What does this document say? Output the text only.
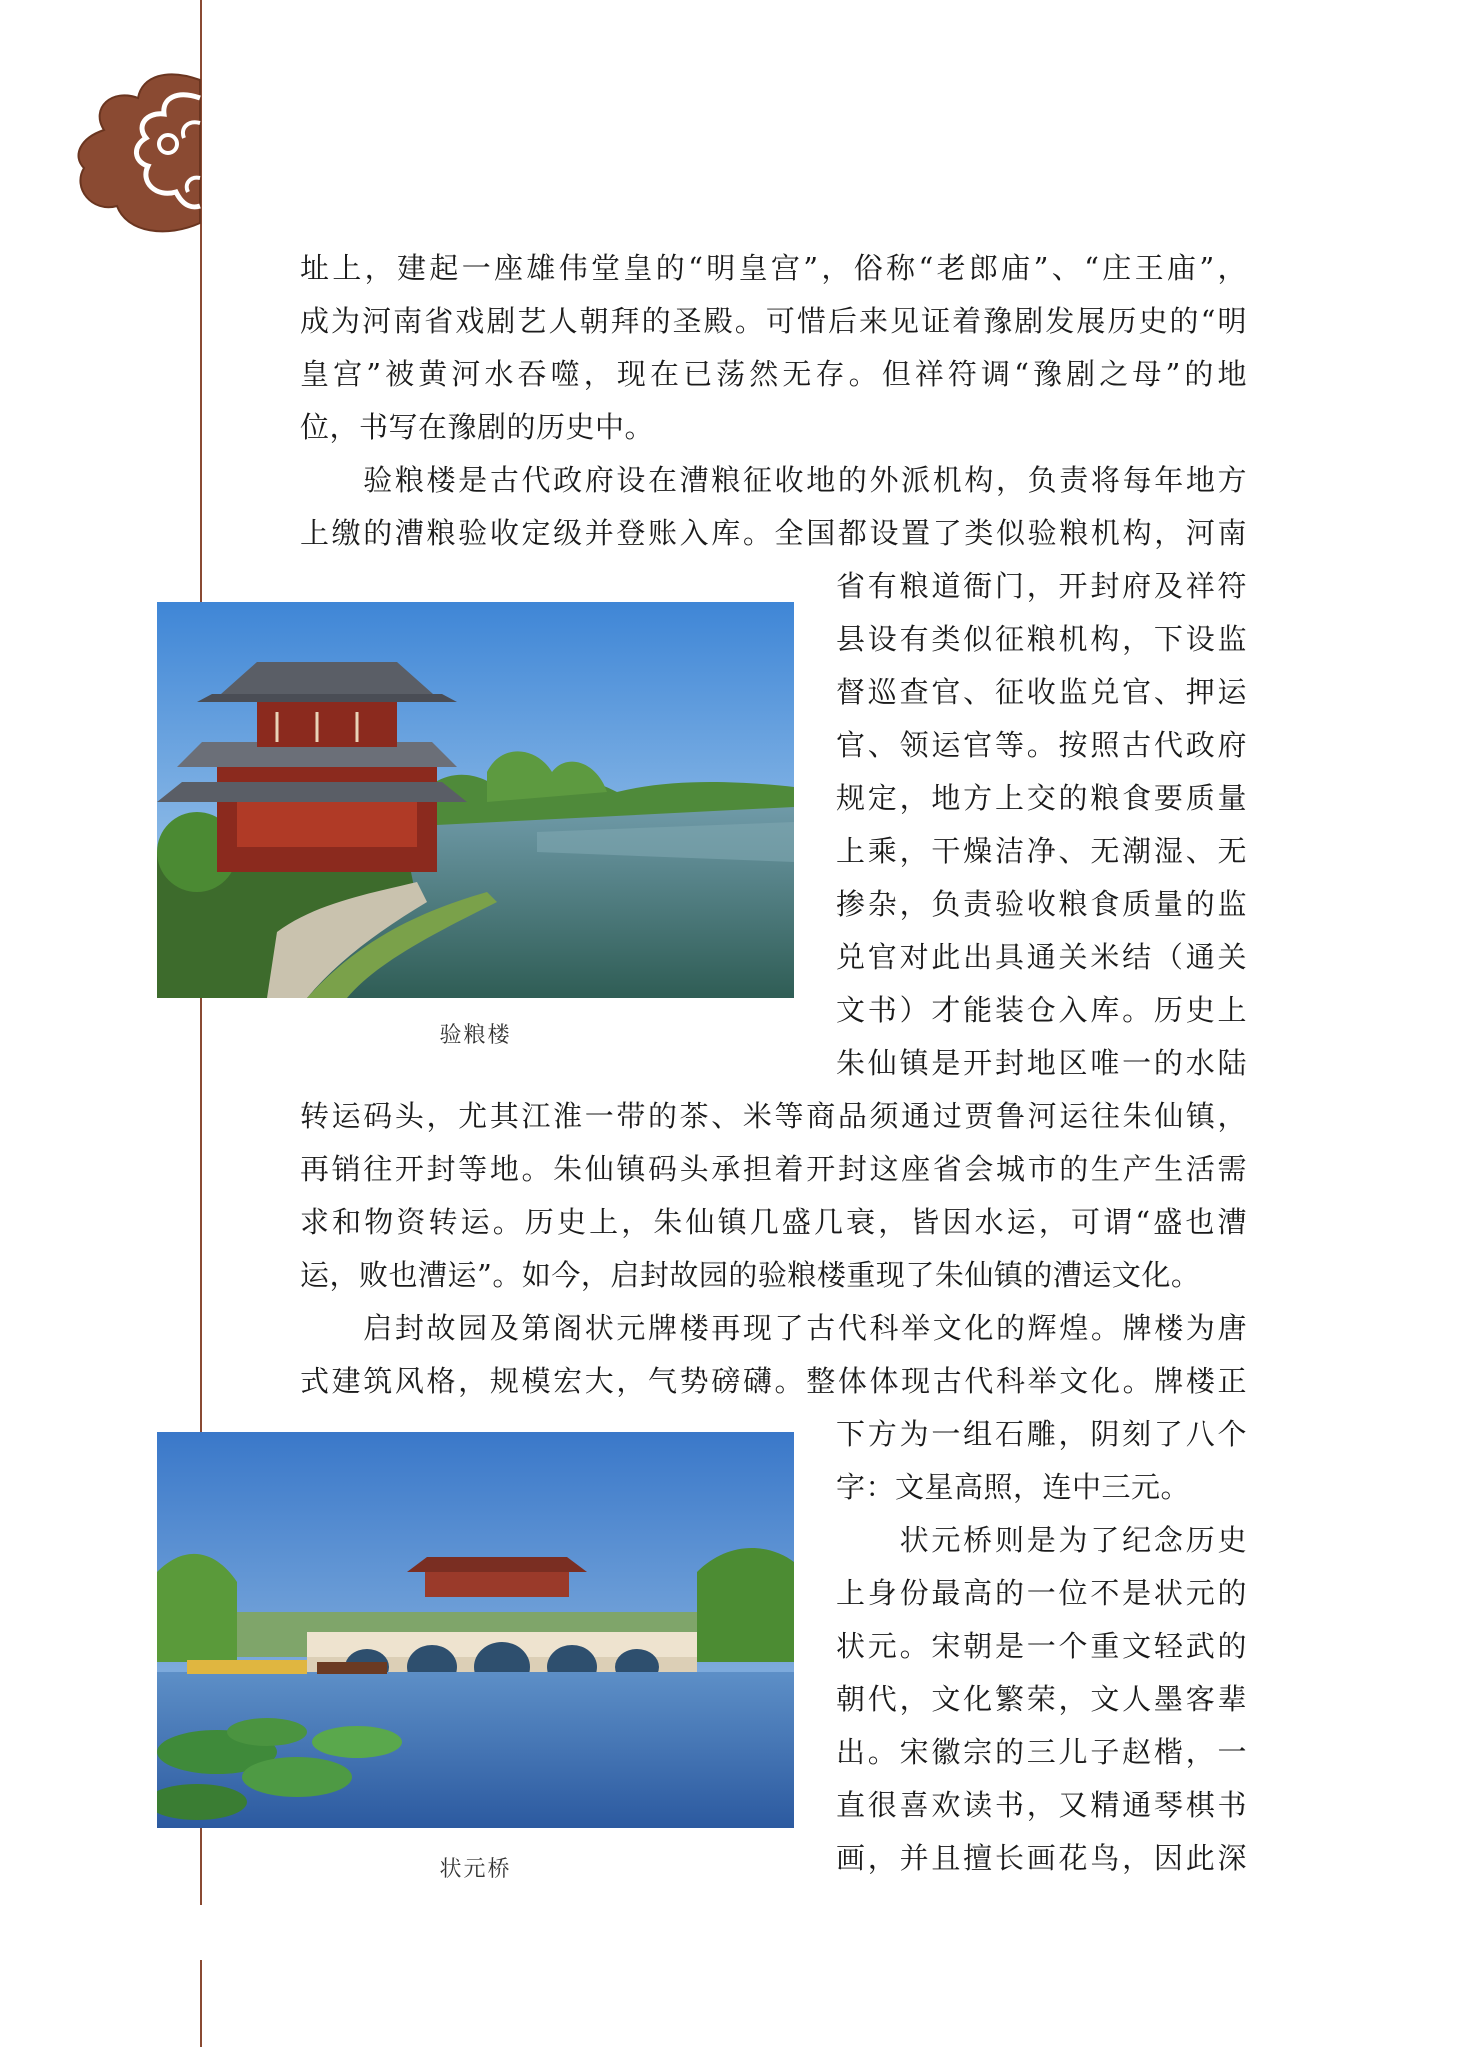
址上，建起一座雄伟堂皇的“明皇宫”，俗称“老郎庙”、“庄王庙”，
成为河南省戏剧艺人朝拜的圣殿。可惜后来见证着豫剧发展历史的“明
皇宫”被黄河水吞噬，现在已荡然无存。但祥符调“豫剧之母”的地
位，书写在豫剧的历史中。
　　验粮楼是古代政府设在漕粮征收地的外派机构，负责将每年地方
上缴的漕粮验收定级并登账入库。全国都设置了类似验粮机构，河南
省有粮道衙门，开封府及祥符
县设有类似征粮机构，下设监
督巡查官、征收监兑官、押运
官、领运官等。按照古代政府
规定，地方上交的粮食要质量
上乘，干燥洁净、无潮湿、无
掺杂，负责验收粮食质量的监
兑官对此出具通关米结（通关
文书）才能装仓入库。历史上
朱仙镇是开封地区唯一的水陆
转运码头，尤其江淮一带的茶、米等商品须通过贾鲁河运往朱仙镇，
再销往开封等地。朱仙镇码头承担着开封这座省会城市的生产生活需
求和物资转运。历史上，朱仙镇几盛几衰，皆因水运，可谓“盛也漕
运，败也漕运”。如今，启封故园的验粮楼重现了朱仙镇的漕运文化。
　　启封故园及第阁状元牌楼再现了古代科举文化的辉煌。牌楼为唐
式建筑风格，规模宏大，气势磅礴。整体体现古代科举文化。牌楼正
下方为一组石雕，阴刻了八个
字：文星高照，连中三元。
　　状元桥则是为了纪念历史
上身份最高的一位不是状元的
状元。宋朝是一个重文轻武的
朝代，文化繁荣，文人墨客辈
出。宋徽宗的三儿子赵楷，一
直很喜欢读书，又精通琴棋书
画，并且擅长画花鸟，因此深
验粮楼
状元桥
